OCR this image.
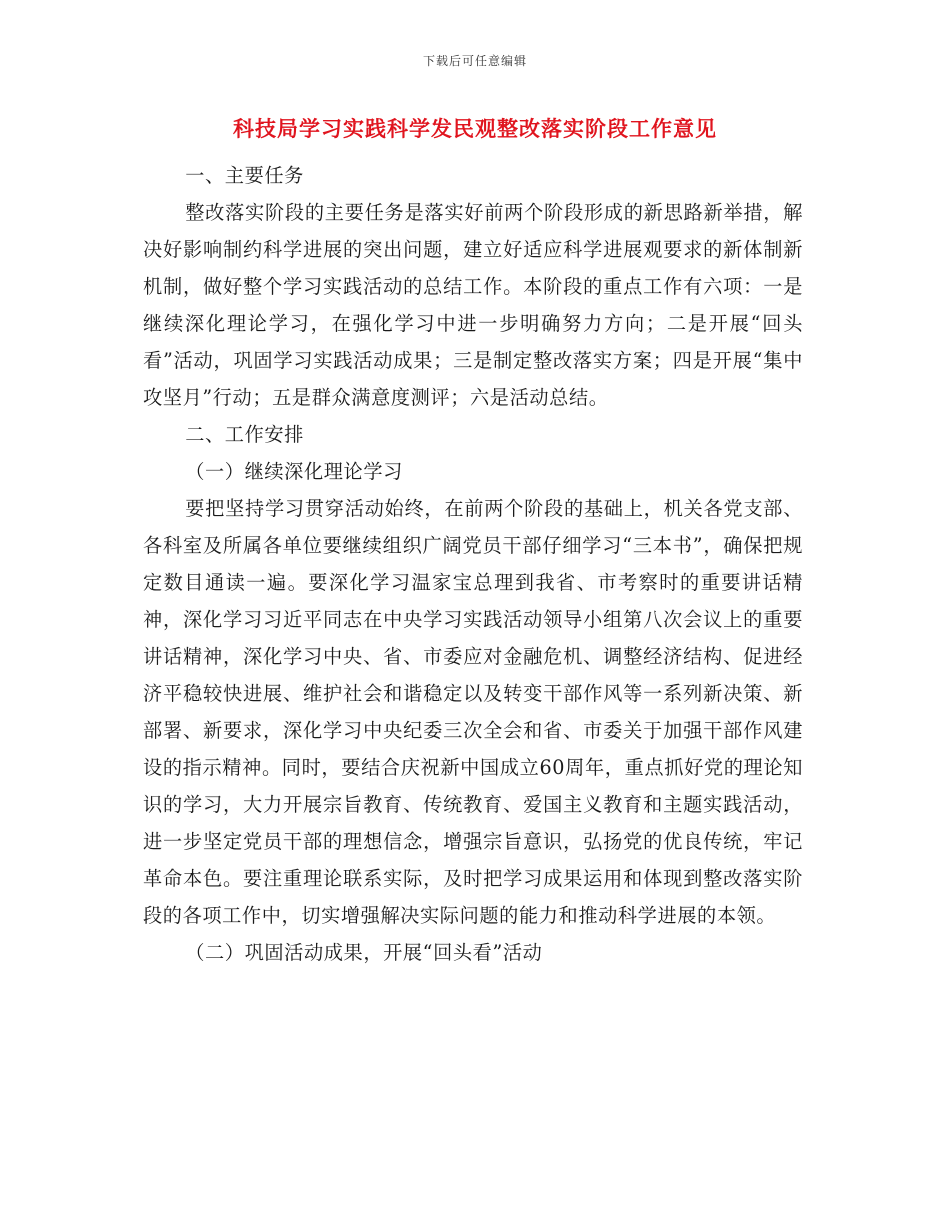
下载后可任意编辑
科技局学习实践科学发民观整改落实阶段工作意见

一、主要任务

整改落实阶段的主要任务是落实好前两个阶段形成的新思路新举措，解决好影响制约科学进展的突出问题，建立好适应科学进展观要求的新体制新机制，做好整个学习实践活动的总结工作。本阶段的重点工作有六项：一是继续深化理论学习，在强化学习中进一步明确努力方向；二是开展“回头看”活动，巩固学习实践活动成果；三是制定整改落实方案；四是开展“集中攻坚月”行动；五是群众满意度测评；六是活动总结。

二、工作安排

（一）继续深化理论学习

要把坚持学习贯穿活动始终，在前两个阶段的基础上，机关各党支部、各科室及所属各单位要继续组织广阔党员干部仔细学习“三本书”，确保把规定数目通读一遍。要深化学习温家宝总理到我省、市考察时的重要讲话精神，深化学习习近平同志在中央学习实践活动领导小组第八次会议上的重要讲话精神，深化学习中央、省、市委应对金融危机、调整经济结构、促进经济平稳较快进展、维护社会和谐稳定以及转变干部作风等一系列新决策、新部署、新要求，深化学习中央纪委三次全会和省、市委关于加强干部作风建设的指示精神。同时，要结合庆祝新中国成立60周年，重点抓好党的理论知识的学习，大力开展宗旨教育、传统教育、爱国主义教育和主题实践活动，进一步坚定党员干部的理想信念，增强宗旨意识，弘扬党的优良传统，牢记革命本色。要注重理论联系实际，及时把学习成果运用和体现到整改落实阶段的各项工作中，切实增强解决实际问题的能力和推动科学进展的本领。

（二）巩固活动成果，开展“回头看”活动
